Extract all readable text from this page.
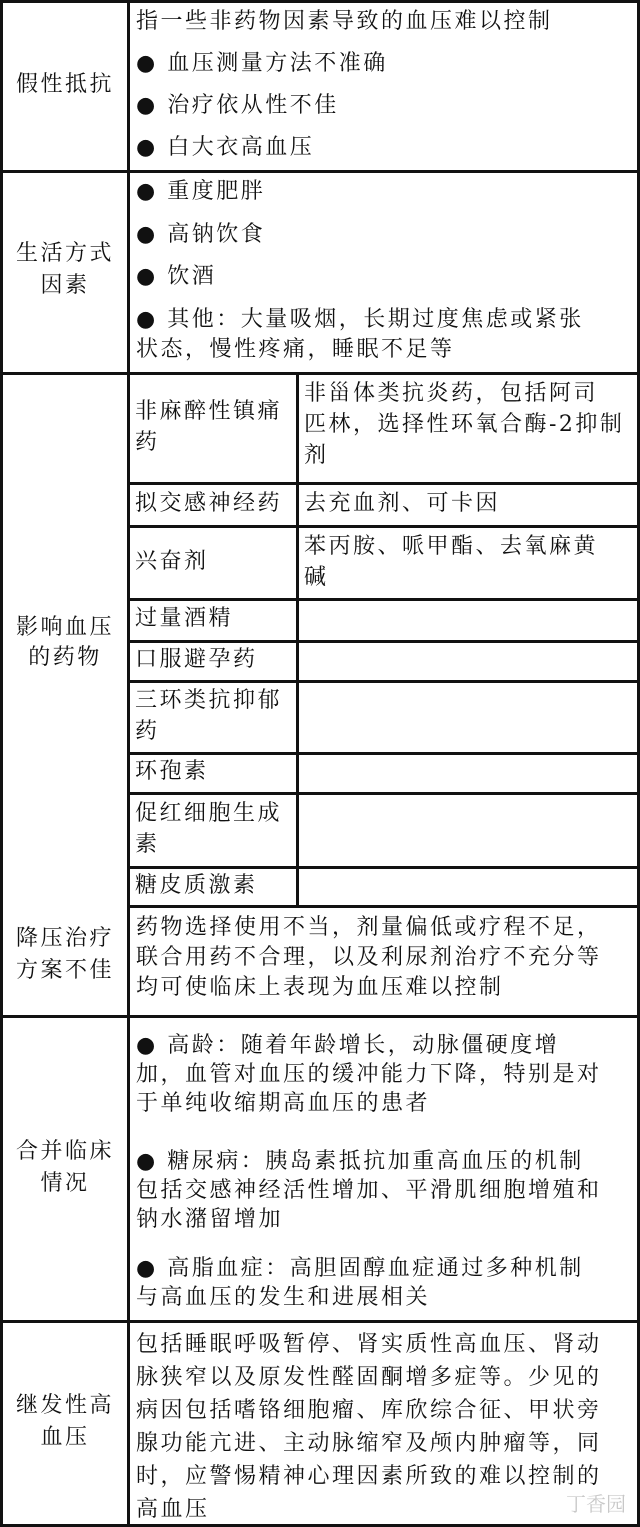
假性抵抗
生活方式
因素
影响血压
的药物
降压治疗
方案不佳
合并临床
情况
继发性高
血压
指一些非药物因素导致的血压难以控制
● 血压测量方法不准确
● 治疗依从性不佳
● 白大衣高血压
● 重度肥胖
● 高钠饮食
● 饮酒
● 其他：大量吸烟，长期过度焦虑或紧张
状态，慢性疼痛，睡眠不足等
药物选择使用不当，剂量偏低或疗程不足，
联合用药不合理，以及利尿剂治疗不充分等
均可使临床上表现为血压难以控制
● 高龄：随着年龄增长，动脉僵硬度增
加，血管对血压的缓冲能力下降，特别是对
于单纯收缩期高血压的患者
● 糖尿病：胰岛素抵抗加重高血压的机制
包括交感神经活性增加、平滑肌细胞增殖和
钠水潴留增加
● 高脂血症：高胆固醇血症通过多种机制
与高血压的发生和进展相关
包括睡眠呼吸暂停、肾实质性高血压、肾动
脉狭窄以及原发性醛固酮增多症等。少见的
病因包括嗜铬细胞瘤、库欣综合征、甲状旁
腺功能亢进、主动脉缩窄及颅内肿瘤等，同
时，应警惕精神心理因素所致的难以控制的
高血压
非麻醉性镇痛
药
非甾体类抗炎药，包括阿司
匹林，选择性环氧合酶-2抑制
剂
拟交感神经药 去充血剂、可卡因
兴奋剂
苯丙胺、哌甲酯、去氧麻黄
碱
过量酒精
口服避孕药
三环类抗抑郁
药
环孢素
促红细胞生成
素
糖皮质激素
丁香园
